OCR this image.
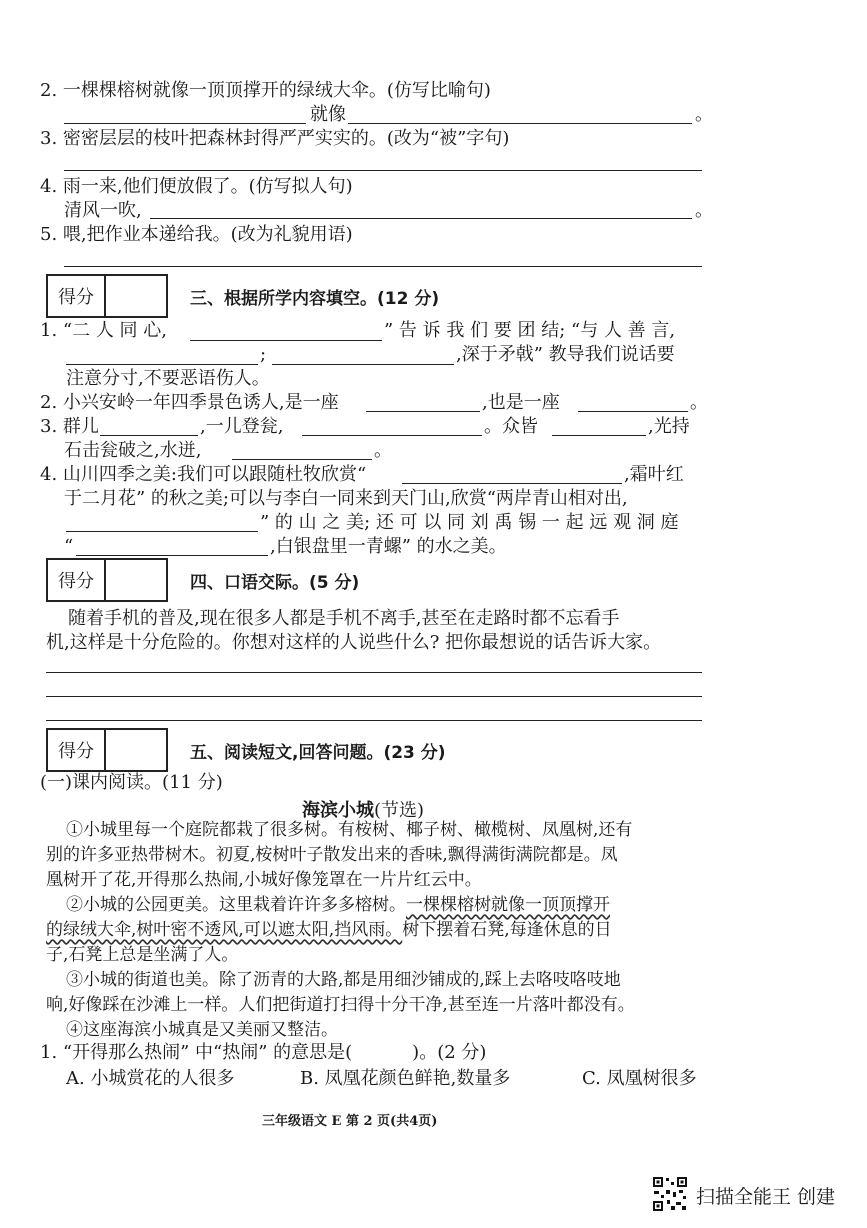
2. 一棵棵榕树就像一顶顶撑开的绿绒大伞。(仿写比喻句)
就像	。
3. 密密层层的枝叶把森林封得严严实实的。(改为“被”字句)
4. 雨一来,他们便放假了。(仿写拟人句)
清风一吹,	。
5. 喂,把作业本递给我。(改为礼貌用语)
得分	三、根据所学内容填空。(12 分)
1. “二 人 同 心,	” 告 诉 我 们 要 团 结; “与 人 善 言,
;	,深于矛戟” 教导我们说话要
注意分寸,不要恶语伤人。
2. 小兴安岭一年四季景色诱人,是一座	,也是一座	。
3. 群儿	,一儿登瓮,	。众皆	,光持
石击瓮破之,水迸,	。
4. 山川四季之美:我们可以跟随杜牧欣赏“	,霜叶红
于二月花” 的秋之美;可以与李白一同来到天门山,欣赏“两岸青山相对出,
” 的 山 之 美; 还 可 以 同 刘 禹 锡 一 起 远 观 洞 庭
“	,白银盘里一青螺” 的水之美。
得分	四、口语交际。(5 分)
随着手机的普及,现在很多人都是手机不离手,甚至在走路时都不忘看手
机,这样是十分危险的。你想对这样的人说些什么? 把你最想说的话告诉大家。
得分	五、阅读短文,回答问题。(23 分)
(一)课内阅读。(11 分)
海滨小城(节选)
①小城里每一个庭院都栽了很多树。有桉树、椰子树、橄榄树、凤凰树,还有
别的许多亚热带树木。初夏,桉树叶子散发出来的香味,飘得满街满院都是。凤
凰树开了花,开得那么热闹,小城好像笼罩在一片片红云中。
②小城的公园更美。这里栽着许许多多榕树。一棵棵榕树就像一顶顶撑开
的绿绒大伞,树叶密不透风,可以遮太阳,挡风雨。树下摆着石凳,每逢休息的日
子,石凳上总是坐满了人。
③小城的街道也美。除了沥青的大路,都是用细沙铺成的,踩上去咯吱咯吱地
响,好像踩在沙滩上一样。人们把街道打扫得十分干净,甚至连一片落叶都没有。
④这座海滨小城真是又美丽又整洁。
1. “开得那么热闹” 中“热闹” 的意思是(	)。(2 分)
A. 小城赏花的人很多	B. 凤凰花颜色鲜艳,数量多	C. 凤凰树很多
三年级语文 E 第 2 页(共4页)
扫描全能王 创建
